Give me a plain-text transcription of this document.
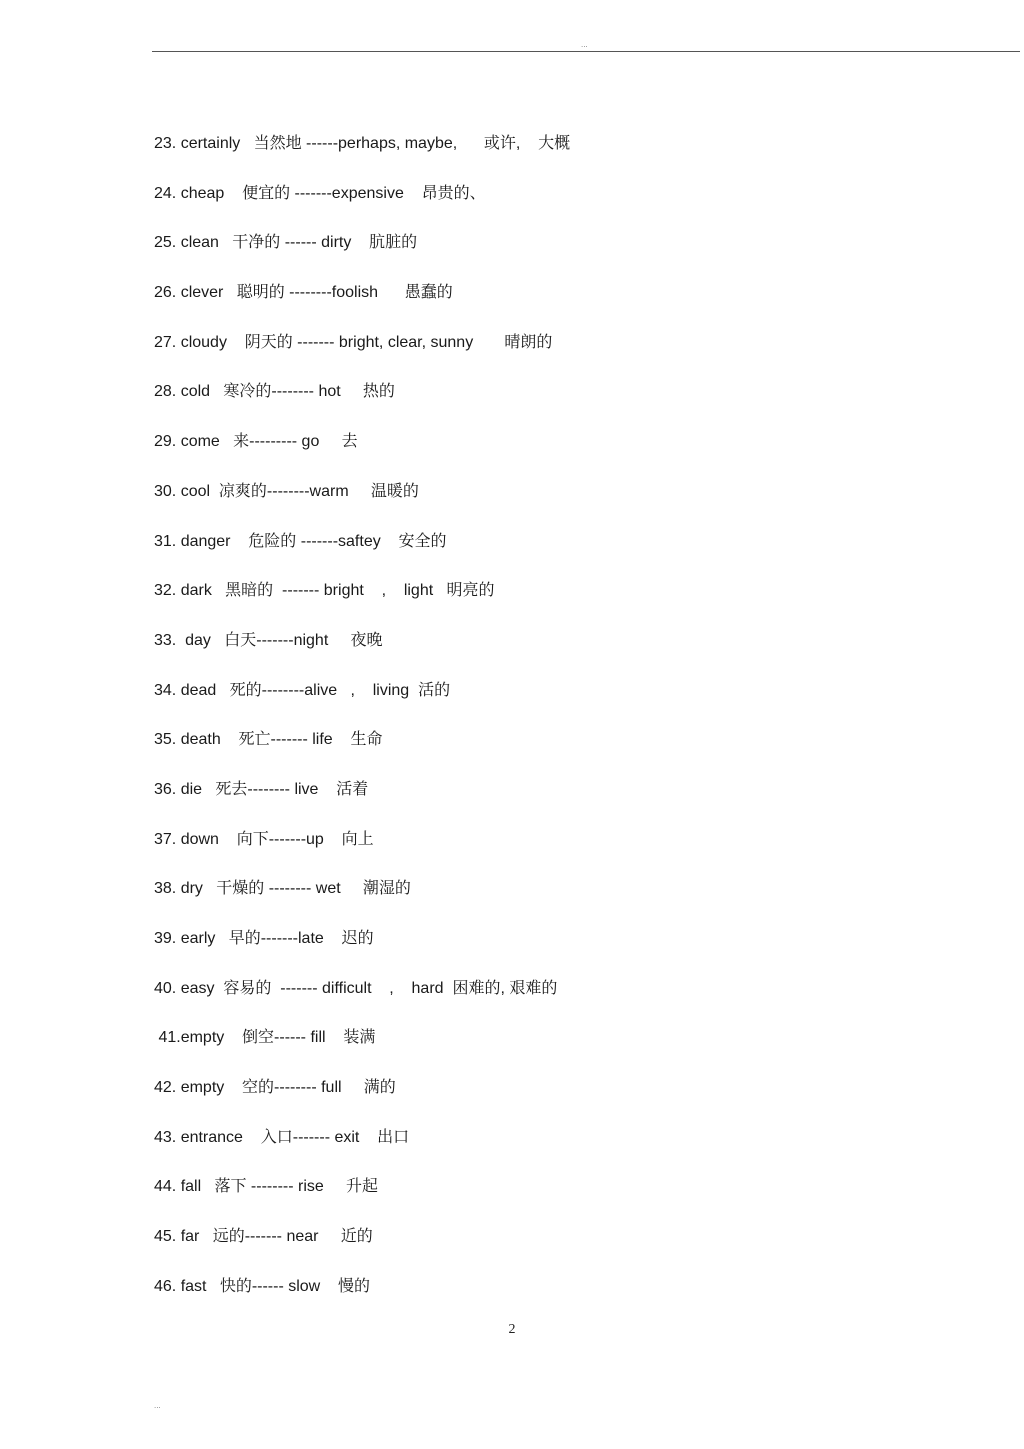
...
23. certainly   当然地 ------perhaps, maybe,      或许,    大概
24. cheap    便宜的 -------expensive    昂贵的、
25. clean   干净的 ------ dirty    肮脏的
26. clever   聪明的 --------foolish      愚蠢的
27. cloudy    阴天的 ------- bright, clear, sunny       晴朗的
28. cold   寒冷的-------- hot     热的
29. come   来--------- go     去
30. cool  凉爽的--------warm     温暖的
31. danger    危险的 -------saftey    安全的
32. dark   黑暗的  ------- bright    ,    light   明亮的
33.  day   白天-------night     夜晚
34. dead   死的--------alive   ,    living  活的
35. death    死亡------- life    生命
36. die   死去-------- live    活着
37. down    向下-------up    向上
38. dry   干燥的 -------- wet     潮湿的
39. early   早的-------late    迟的
40. easy  容易的  ------- difficult    ,    hard  困难的, 艰难的
41.empty    倒空------ fill    装满
42. empty    空的-------- full     满的
43. entrance    入口------- exit    出口
44. fall   落下 -------- rise     升起
45. far   远的------- near     近的
46. fast   快的------ slow    慢的
2
...
